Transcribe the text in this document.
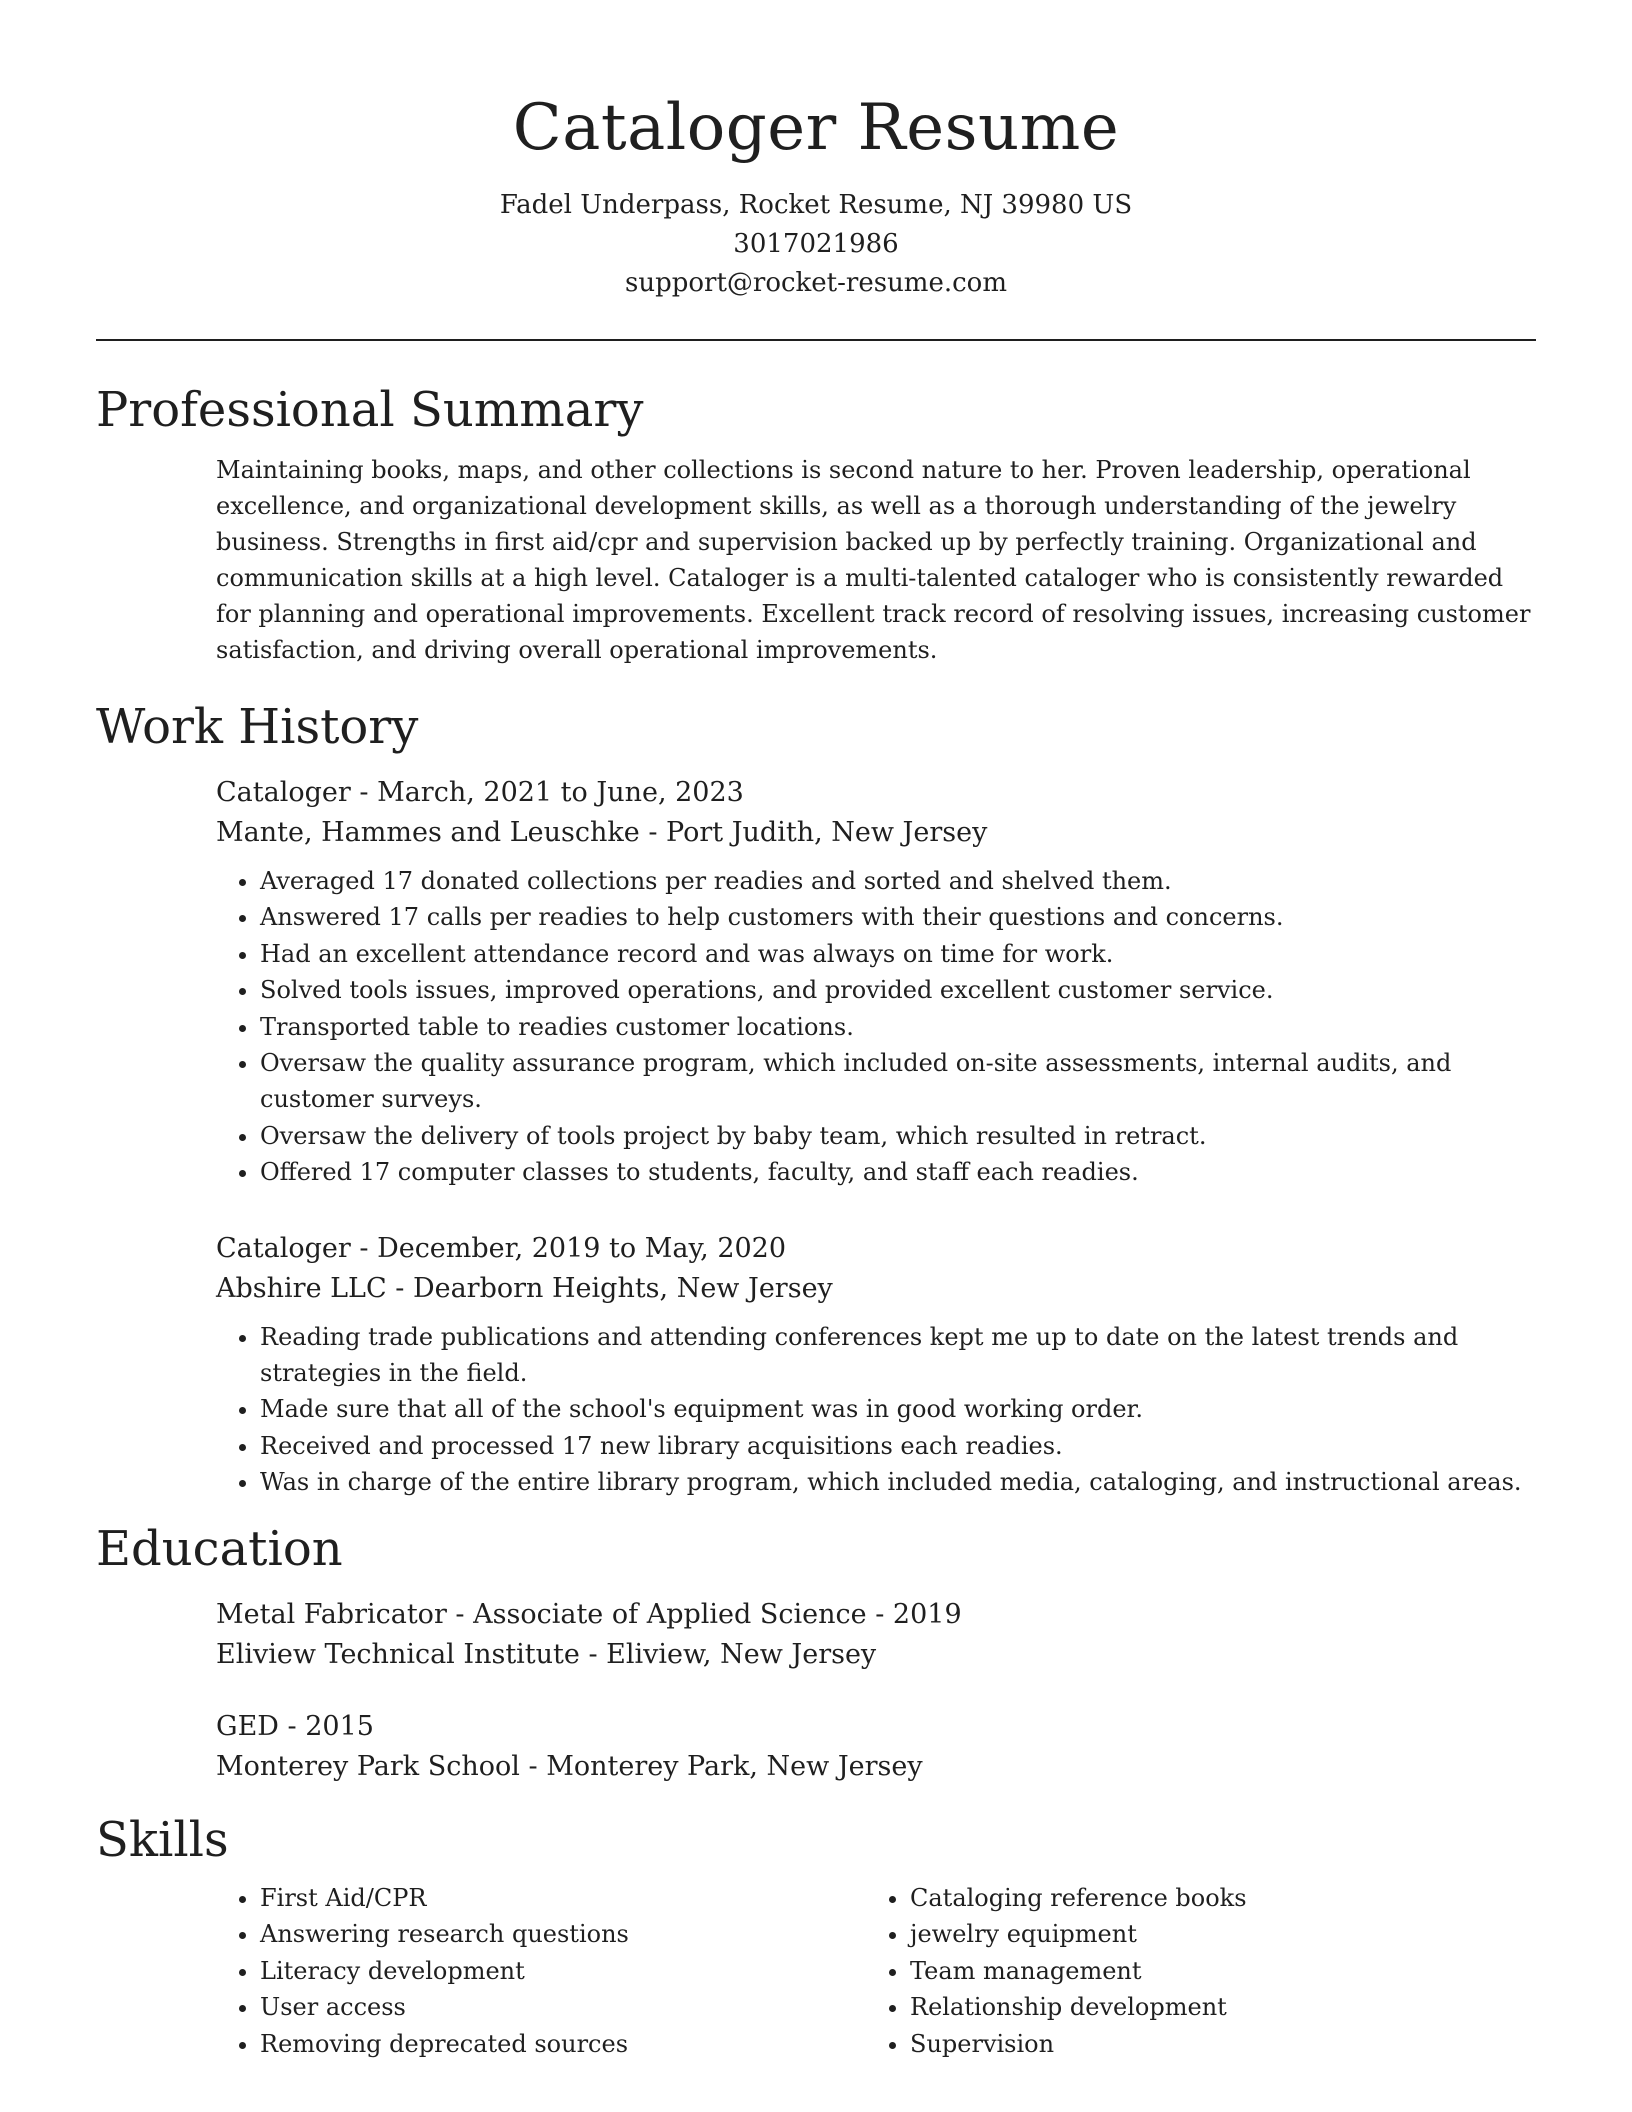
Cataloger Resume
Fadel Underpass, Rocket Resume, NJ 39980 US
3017021986
support@rocket-resume.com
Professional Summary

Maintaining books, maps, and other collections is second nature to her. Proven leadership, operational excellence, and organizational development skills, as well as a thorough understanding of the jewelry business. Strengths in first aid/cpr and supervision backed up by perfectly training. Organizational and communication skills at a high level. Cataloger is a multi-talented cataloger who is consistently rewarded for planning and operational improvements. Excellent track record of resolving issues, increasing customer satisfaction, and driving overall operational improvements.

Work History

Cataloger - March, 2021 to June, 2023

Mante, Hammes and Leuschke - Port Judith, New Jersey

• Averaged 17 donated collections per readies and sorted and shelved them.
• Answered 17 calls per readies to help customers with their questions and concerns.
• Had an excellent attendance record and was always on time for work.
• Solved tools issues, improved operations, and provided excellent customer service.
• Transported table to readies customer locations.
• Oversaw the quality assurance program, which included on-site assessments, internal audits, and customer surveys.
• Oversaw the delivery of tools project by baby team, which resulted in retract.
• Offered 17 computer classes to students, faculty, and staff each readies.

Cataloger - December, 2019 to May, 2020

Abshire LLC - Dearborn Heights, New Jersey

• Reading trade publications and attending conferences kept me up to date on the latest trends and strategies in the field.
• Made sure that all of the school's equipment was in good working order.
• Received and processed 17 new library acquisitions each readies.
• Was in charge of the entire library program, which included media, cataloging, and instructional areas.
Education

Metal Fabricator - Associate of Applied Science - 2019

Eliview Technical Institute - Eliview, New Jersey

GED - 2015

Monterey Park School - Monterey Park, New Jersey

Skills
• First Aid/CPR
• Answering research questions
• Literacy development
• User access
• Removing deprecated sources
• Cataloging reference books
• jewelry equipment
• Team management
• Relationship development
• Supervision
